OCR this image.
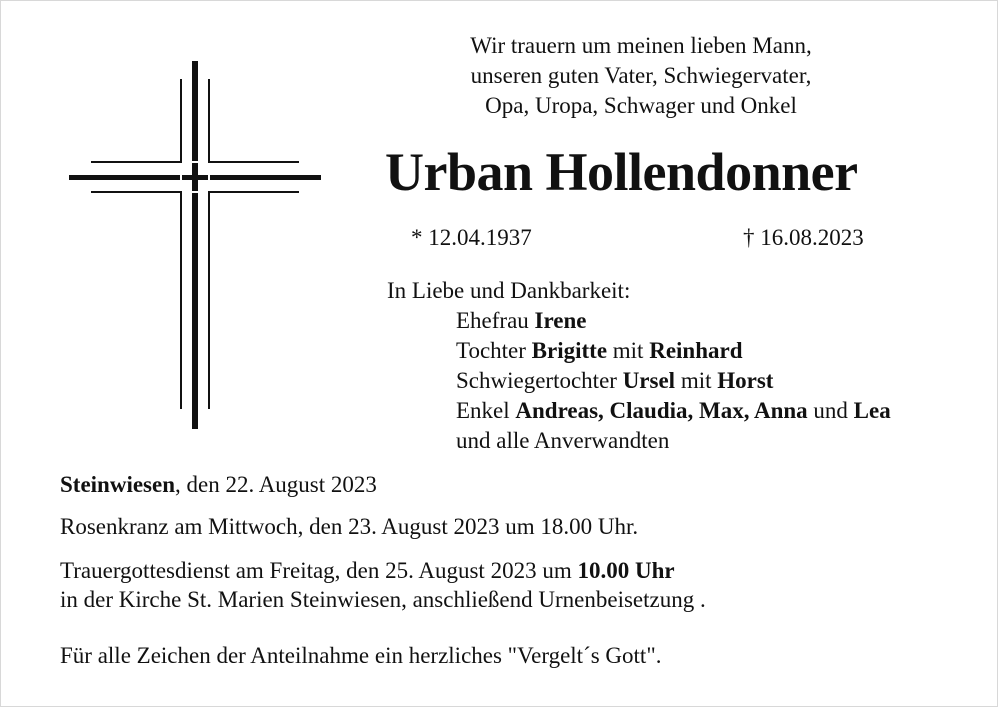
Wir trauern um meinen lieben Mann,
unseren guten Vater, Schwiegervater,
Opa, Uropa, Schwager und Onkel
Urban Hollendonner
* 12.04.1937	† 16.08.2023
In Liebe und Dankbarkeit:
Ehefrau Irene
Tochter Brigitte mit Reinhard
Schwiegertochter Ursel mit Horst
Enkel Andreas, Claudia, Max, Anna und Lea
und alle Anverwandten
Steinwiesen, den 22. August 2023
Rosenkranz am Mittwoch, den 23. August 2023 um 18.00 Uhr.
Trauergottesdienst am Freitag, den 25. August 2023 um 10.00 Uhr
in der Kirche St. Marien Steinwiesen, anschließend Urnenbeisetzung .
Für alle Zeichen der Anteilnahme ein herzliches "Vergelt´s Gott".
